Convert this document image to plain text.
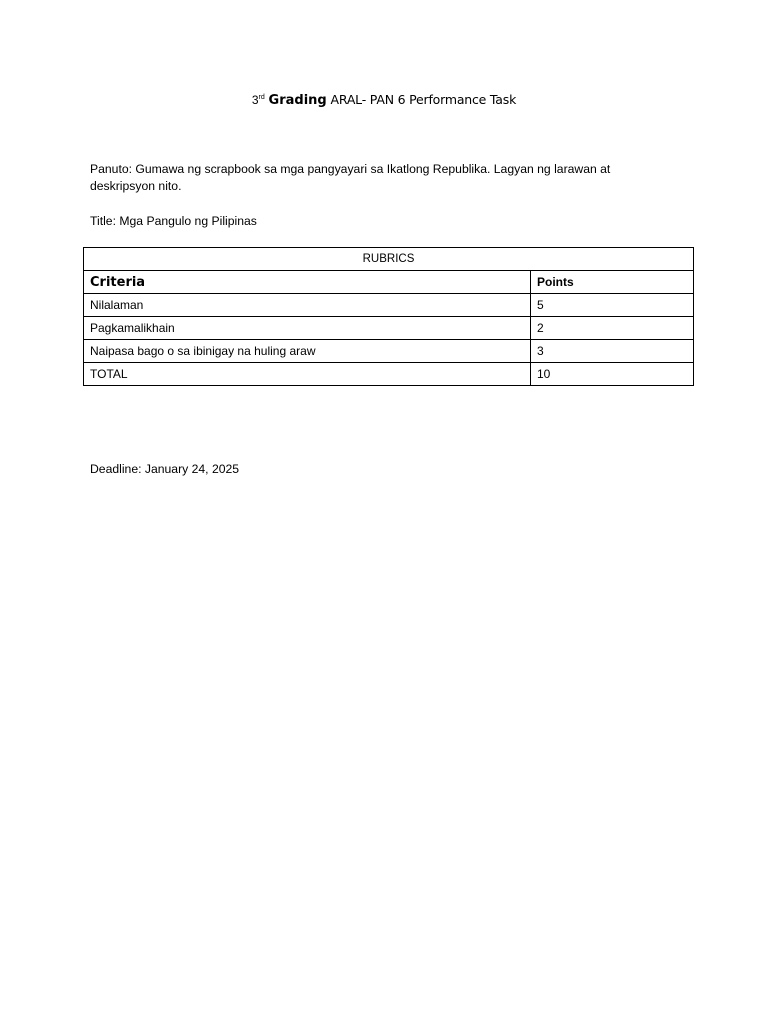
3rd Grading ARAL- PAN 6 Performance Task
Panuto: Gumawa ng scrapbook sa mga pangyayari sa Ikatlong Republika. Lagyan ng larawan at deskripsyon nito.
Title: Mga Pangulo ng Pilipinas
RUBRICS	
Criteria	Points
Nilalaman	5
Pagkamalikhain	2
Naipasa bago o sa ibinigay na huling araw	3
TOTAL	10
Deadline: January 24, 2025
